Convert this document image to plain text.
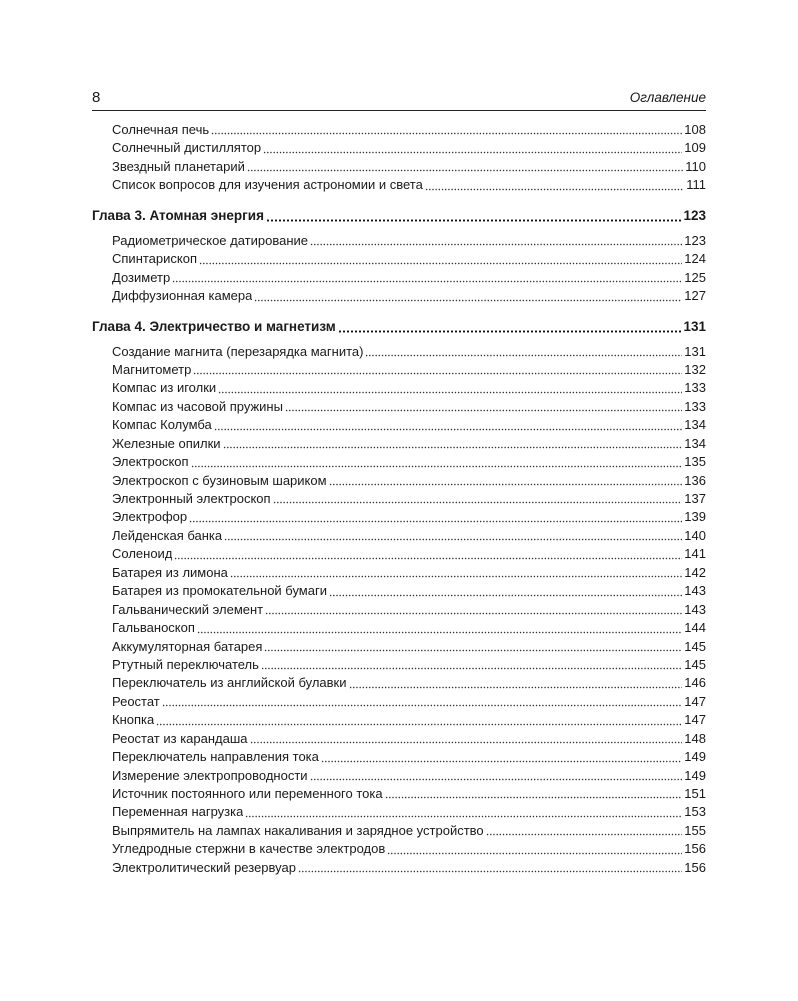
8	Оглавление
Солнечная печь	108
Солнечный дистиллятор	109
Звездный планетарий	110
Список вопросов для изучения астрономии и света	111
Глава 3. Атомная энергия	123
Радиометрическое датирование	123
Спинтарископ	124
Дозиметр	125
Диффузионная камера	127
Глава 4. Электричество и магнетизм	131
Создание магнита (перезарядка магнита)	131
Магнитометр	132
Компас из иголки	133
Компас из часовой пружины	133
Компас Колумба	134
Железные опилки	134
Электроскоп	135
Электроскоп с бузиновым шариком	136
Электронный электроскоп	137
Электрофор	139
Лейденская банка	140
Соленоид	141
Батарея из лимона	142
Батарея из промокательной бумаги	143
Гальванический элемент	143
Гальваноскоп	144
Аккумуляторная батарея	145
Ртутный переключатель	145
Переключатель из английской булавки	146
Реостат	147
Кнопка	147
Реостат из карандаша	148
Переключатель направления тока	149
Измерение электропроводности	149
Источник постоянного или переменного тока	151
Переменная нагрузка	153
Выпрямитель на лампах накаливания и зарядное устройство	155
Угледродные стержни в качестве электродов	156
Электролитический резервуар	156
